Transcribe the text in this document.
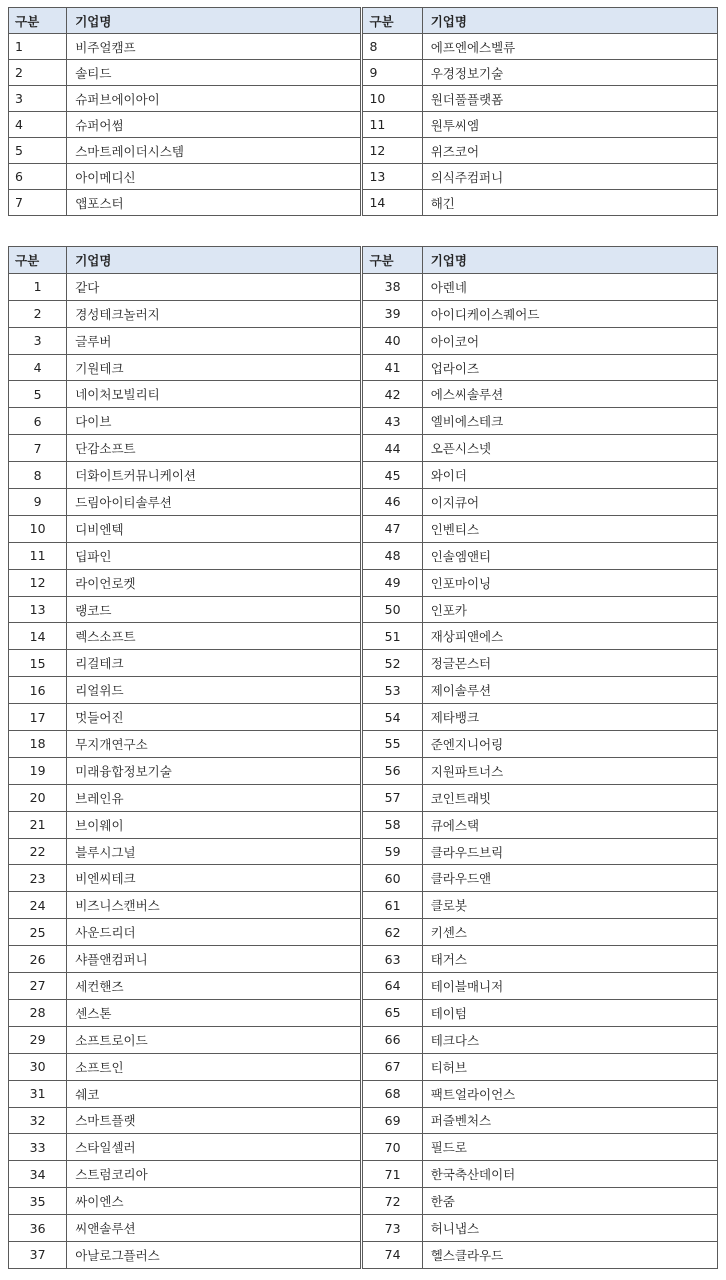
구분	기업명	구분	기업명
1	비주얼캠프	8	에프엔에스벨류
2	솔티드	9	우경정보기술
3	슈퍼브에이아이	10	원더풀플랫폼
4	슈퍼어썸	11	원투씨엠
5	스마트레이더시스템	12	위즈코어
6	아이메디신	13	의식주컴퍼니
7	앱포스터	14	해긴
구분	기업명	구분	기업명
1	같다	38	아렌네
2	경성테크놀러지	39	아이디케이스퀘어드
3	글루버	40	아이코어
4	기원테크	41	업라이즈
5	네이처모빌리티	42	에스씨솔루션
6	다이브	43	엘비에스테크
7	단감소프트	44	오픈시스넷
8	더화이트커뮤니케이션	45	와이더
9	드림아이티솔루션	46	이지큐어
10	디비엔텍	47	인벤티스
11	딥파인	48	인솔엠앤티
12	라이언로켓	49	인포마이닝
13	랭코드	50	인포카
14	렉스소프트	51	재상피앤에스
15	리걸테크	52	정글몬스터
16	리얼위드	53	제이솔루션
17	멋들어진	54	제타뱅크
18	무지개연구소	55	준엔지니어링
19	미래융합정보기술	56	지원파트너스
20	브레인유	57	코인트래빗
21	브이웨이	58	큐에스택
22	블루시그널	59	클라우드브릭
23	비엔씨테크	60	클라우드앤
24	비즈니스캔버스	61	클로봇
25	사운드리더	62	키센스
26	샤플앤컴퍼니	63	태거스
27	세컨핸즈	64	테이블매니저
28	센스톤	65	테이텀
29	소프트로이드	66	테크다스
30	소프트인	67	티허브
31	쉐코	68	팩트얼라이언스
32	스마트플랫	69	퍼즐벤처스
33	스타일셀러	70	필드로
34	스트럼코리아	71	한국축산데이터
35	싸이엔스	72	한줌
36	씨앤솔루션	73	허니냅스
37	아날로그플러스	74	헬스클라우드
